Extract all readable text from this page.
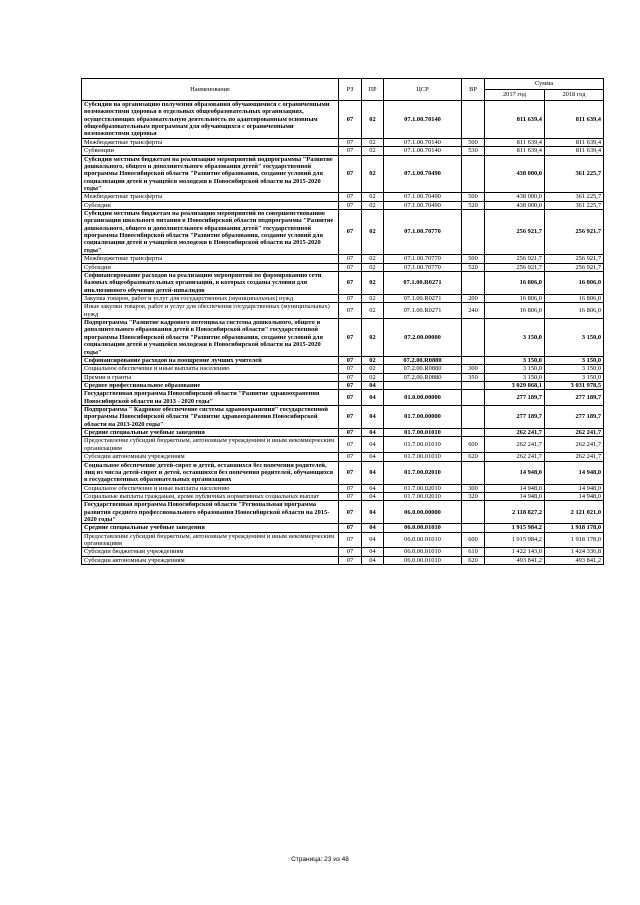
Наименование	РЗ	ПР	ЦСР	ВР	Сумма	
					2017 год	2018 год
Субсидии на организацию получения образования обучающимися с ограниченными возможностями здоровья в отдельных общеобразовательных организациях, осуществляющих образовательную деятельность по адаптированным основным общеобразовательным программам для обучающихся с ограниченными возможностями здоровья	07	02	07.1.00.70140		811 639,4	811 639,4
Межбюджетные трансферты	07	02	07.1.00.70140	500	811 639,4	811 639,4
Субвенции	07	02	07.1.00.70140	530	811 639,4	811 639,4
Субсидии местным бюджетам на реализацию мероприятий подпрограммы "Развитие дошкольного, общего и дополнительного образования детей" государственной программы Новосибирской области "Развитие образования, создание условий для социализации детей и учащейся молодежи в Новосибирской области на 2015-2020 годы"	07	02	07.1.00.70490		438 000,0	361 225,7
Межбюджетные трансферты	07	02	07.1.00.70490	500	438 000,0	361 225,7
Субсидии	07	02	07.1.00.70490	520	438 000,0	361 225,7
Субсидии местным бюджетам на реализацию мероприятий по совершенствованию организации школьного питания в Новосибирской области подпрограммы "Развитие дошкольного, общего и дополнительного образования детей" государственной программы Новосибирской области "Развитие образования, создание условий для социализации детей и учащейся молодежи в Новосибирской области на 2015-2020 годы"	07	02	07.1.00.70770		256 921,7	256 921,7
Межбюджетные трансферты	07	02	07.1.00.70770	500	256 921,7	256 921,7
Субсидии	07	02	07.1.00.70770	520	256 921,7	256 921,7
Софинансирование расходов на реализацию мероприятий по формированию сети базовых общеобразовательных организаций, в которых созданы условия для инклюзивного обучения детей-инвалидов	07	02	07.1.00.R0271		16 806,0	16 806,0
Закупка товаров, работ и услуг для государственных (муниципальных) нужд	07	02	07.1.00.R0271	200	16 806,0	16 806,0
Иные закупки товаров, работ и услуг для обеспечения государственных (муниципальных) нужд	07	02	07.1.00.R0271	240	16 806,0	16 806,0
Подпрограмма "Развитие кадрового потенциала системы дошкольного, общего и дополнительного образования детей в Новосибирской области" государственной программы Новосибирской области "Развитие образования, создание условий для социализации детей и учащейся молодежи в Новосибирской области на 2015-2020 годы"	07	02	07.2.00.00000		3 150,0	3 150,0
Софинансирование расходов на поощрение лучших учителей	07	02	07.2.00.R0880		3 150,0	3 150,0
Социальное обеспечение и иные выплаты населению	07	02	07.2.00.R0880	300	3 150,0	3 150,0
Премии и гранты	07	02	07.2.00.R0880	350	3 150,0	3 150,0
Среднее профессиональное образование	07	04			3 029 868,1	3 031 978,5
Государственная программа Новосибирской области "Развитие здравоохранения Новосибирской области на 2013 - 2020 годы"	07	04	01.0.00.00000		277 189,7	277 189,7
Подпрограмма " Кадровое обеспечение системы здравоохранения" государственной программы Новосибирской области "Развитие здравоохранения Новосибирской области на 2013-2020 годы"	07	04	01.7.00.00000		277 189,7	277 189,7
Средние специальные учебные заведения	07	04	01.7.00.01010		262 241,7	262 241,7
Предоставление субсидий бюджетным, автономным учреждениям и иным некоммерческим организациям	07	04	01.7.00.01010	600	262 241,7	262 241,7
Субсидии автономным учреждениям	07	04	01.7.00.01010	620	262 241,7	262 241,7
Социальное обеспечение детей-сирот и детей, оставшихся без попечения родителей, лиц из числа детей-сирот и детей, оставшихся без попечения родителей, обучающихся в государственных образовательных организациях	07	04	01.7.00.02010		14 948,0	14 948,0
Социальное обеспечение и иные выплаты населению	07	04	01.7.00.02010	300	14 948,0	14 948,0
Социальные выплаты гражданам, кроме публичных нормативных социальных выплат	07	04	01.7.00.02010	320	14 948,0	14 948,0
Государственная программа Новосибирской области "Региональная программа развития среднего профессионального образования Новосибирской области на 2015-2020 годы"	07	04	06.0.00.00000		2 118 827,2	2 121 021,0
Средние специальные учебные заведения	07	04	06.0.00.01010		1 915 984,2	1 918 178,0
Предоставление субсидий бюджетным, автономным учреждениям и иным некоммерческим организациям	07	04	06.0.00.01010	600	1 915 984,2	1 918 178,0
Субсидии бюджетным учреждениям	07	04	06.0.00.01010	610	1 422 143,0	1 424 336,8
Субсидии автономным учреждениям	07	04	06.0.00.01010	620	493 841,2	493 841,2
Страница: 23 из 48
